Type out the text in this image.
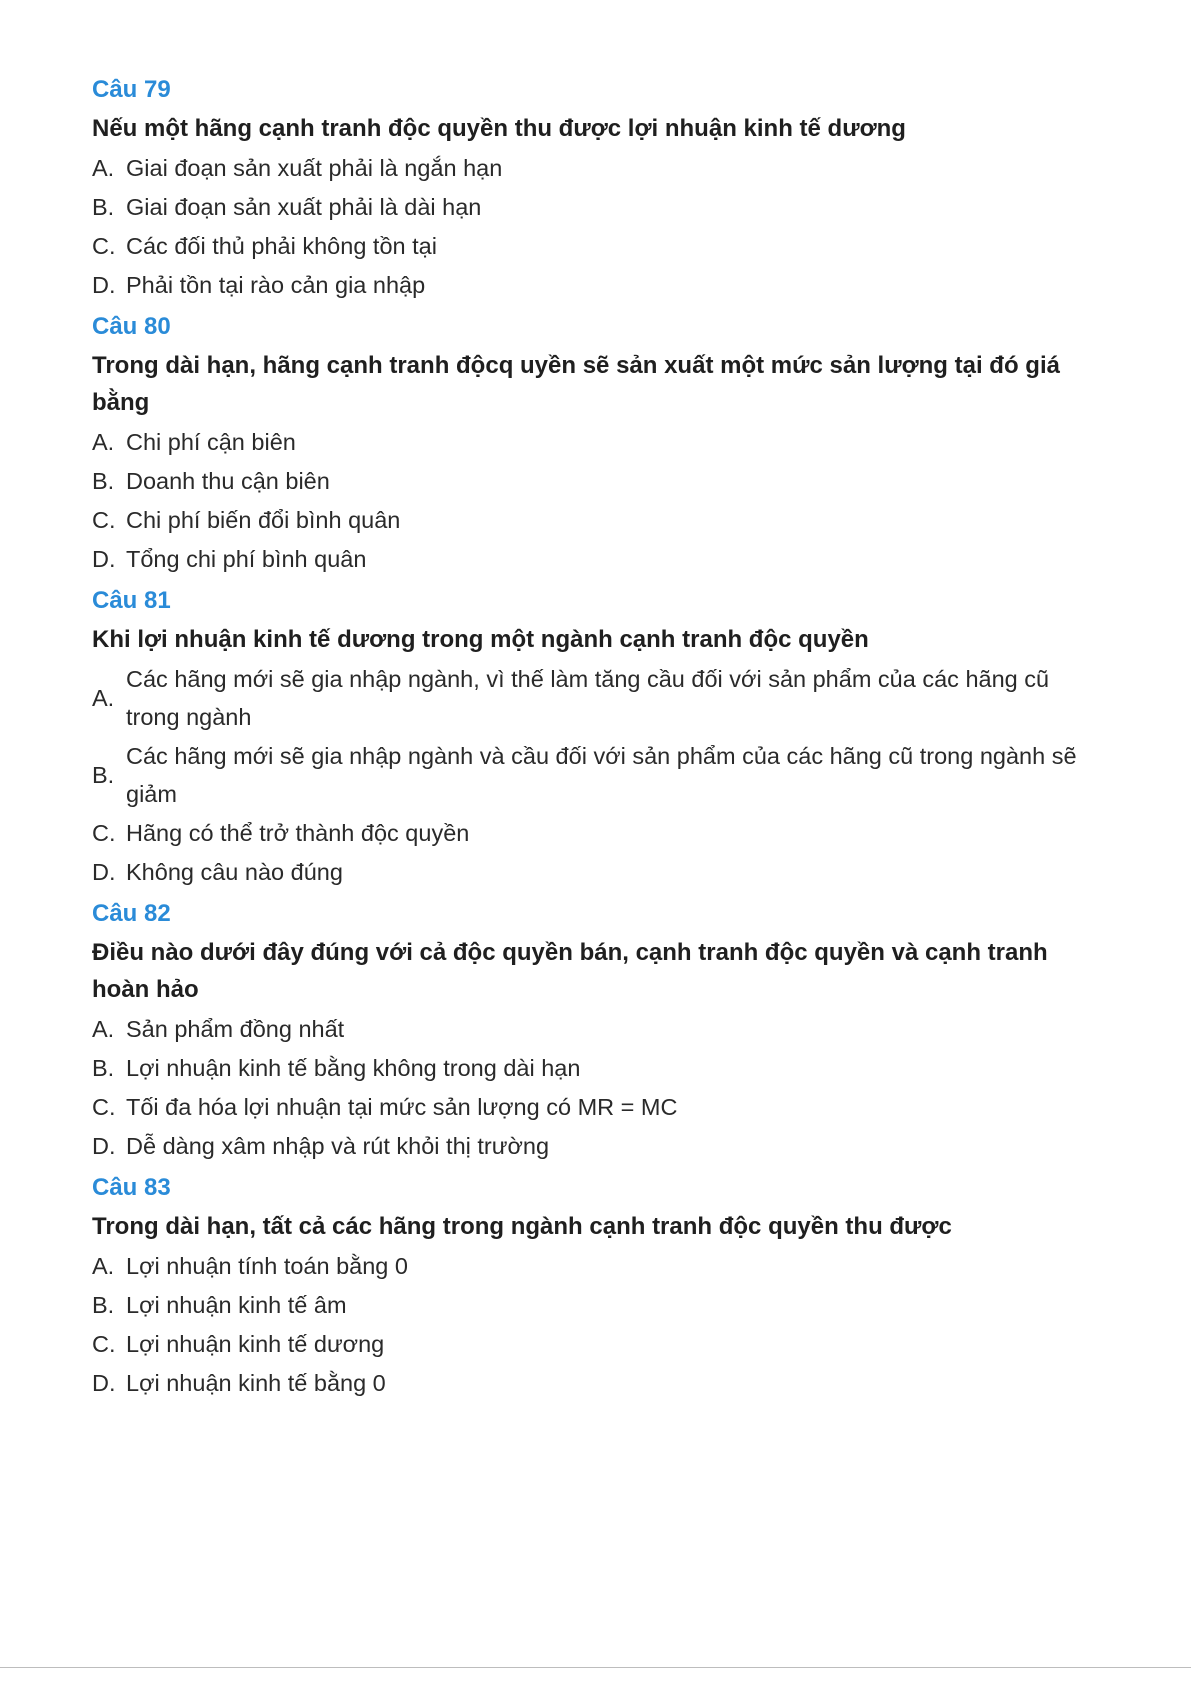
Câu 79
Nếu một hãng cạnh tranh độc quyền thu được lợi nhuận kinh tế dương
A. Giai đoạn sản xuất phải là ngắn hạn
B. Giai đoạn sản xuất phải là dài hạn
C. Các đối thủ phải không tồn tại
D. Phải tồn tại rào cản gia nhập
Câu 80
Trong dài hạn, hãng cạnh tranh độcq uyền sẽ sản xuất một mức sản lượng tại đó giá bằng
A. Chi phí cận biên
B. Doanh thu cận biên
C. Chi phí biến đổi bình quân
D. Tổng chi phí bình quân
Câu 81
Khi lợi nhuận kinh tế dương trong một ngành cạnh tranh độc quyền
A.
Các hãng mới sẽ gia nhập ngành, vì thế làm tăng cầu đối với sản phẩm của các hãng cũ trong ngành
B.
Các hãng mới sẽ gia nhập ngành và cầu đối với sản phẩm của các hãng cũ trong ngành sẽ giảm
C. Hãng có thể trở thành độc quyền
D. Không câu nào đúng
Câu 82
Điều nào dưới đây đúng với cả độc quyền bán, cạnh tranh độc quyền và cạnh tranh hoàn hảo
A. Sản phẩm đồng nhất
B. Lợi nhuận kinh tế bằng không trong dài hạn
C. Tối đa hóa lợi nhuận tại mức sản lượng có MR = MC
D. Dễ dàng xâm nhập và rút khỏi thị trường
Câu 83
Trong dài hạn, tất cả các hãng trong ngành cạnh tranh độc quyền thu được
A. Lợi nhuận tính toán bằng 0
B. Lợi nhuận kinh tế âm
C. Lợi nhuận kinh tế dương
D. Lợi nhuận kinh tế bằng 0
